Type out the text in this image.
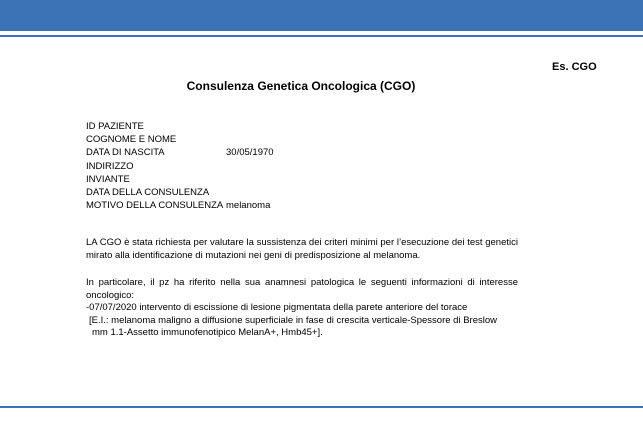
Es. CGO
Consulenza Genetica Oncologica (CGO)
ID PAZIENTE
COGNOME E NOME
DATA DI NASCITA	30/05/1970
INDIRIZZO
INVIANTE
DATA DELLA CONSULENZA
MOTIVO DELLA CONSULENZA melanoma
LA CGO è stata richiesta per valutare la sussistenza dei criteri minimi per l’esecuzione dei test genetici mirato alla identificazione di mutazioni nei geni di predisposizione al melanoma.
In particolare, il pz ha riferito nella sua anamnesi patologica le seguenti informazioni di interesse oncologico:
-07/07/2020 intervento di escissione di lesione pigmentata della parete anteriore del torace
[E.I.: melanoma maligno a diffusione superficiale in fase di crescita verticale-Spessore di Breslow
mm 1.1-Assetto immunofenotipico MelanA+, Hmb45+].
